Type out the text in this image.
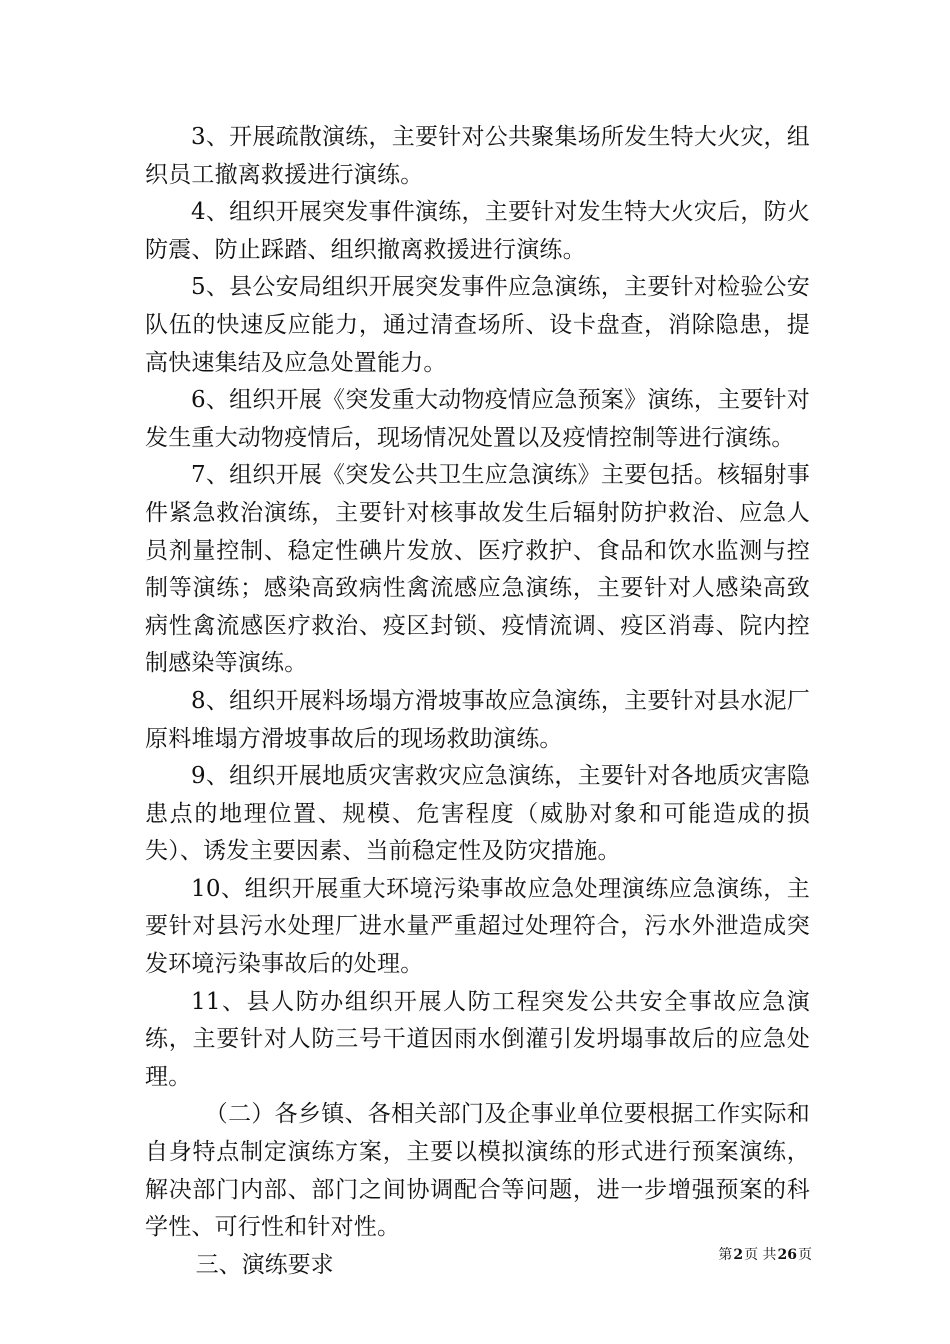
3、开展疏散演练，主要针对公共聚集场所发生特大火灾，组织员工撤离救援进行演练。

4、组织开展突发事件演练，主要针对发生特大火灾后，防火防震、防止踩踏、组织撤离救援进行演练。

5、县公安局组织开展突发事件应急演练，主要针对检验公安队伍的快速反应能力，通过清查场所、设卡盘查，消除隐患，提高快速集结及应急处置能力。

6、组织开展《突发重大动物疫情应急预案》演练，主要针对发生重大动物疫情后，现场情况处置以及疫情控制等进行演练。

7、组织开展《突发公共卫生应急演练》主要包括。核辐射事件紧急救治演练，主要针对核事故发生后辐射防护救治、应急人员剂量控制、稳定性碘片发放、医疗救护、食品和饮水监测与控制等演练；感染高致病性禽流感应急演练，主要针对人感染高致病性禽流感医疗救治、疫区封锁、疫情流调、疫区消毒、院内控制感染等演练。

8、组织开展料场塌方滑坡事故应急演练，主要针对县水泥厂原料堆塌方滑坡事故后的现场救助演练。

9、组织开展地质灾害救灾应急演练，主要针对各地质灾害隐患点的地理位置、规模、危害程度（威胁对象和可能造成的损失）、诱发主要因素、当前稳定性及防灾措施。

10、组织开展重大环境污染事故应急处理演练应急演练，主要针对县污水处理厂进水量严重超过处理符合，污水外泄造成突发环境污染事故后的处理。

11、县人防办组织开展人防工程突发公共安全事故应急演练，主要针对人防三号干道因雨水倒灌引发坍塌事故后的应急处理。

（二）各乡镇、各相关部门及企事业单位要根据工作实际和自身特点制定演练方案，主要以模拟演练的形式进行预案演练，解决部门内部、部门之间协调配合等问题，进一步增强预案的科学性、可行性和针对性。

三、演练要求	第2页 共26页
